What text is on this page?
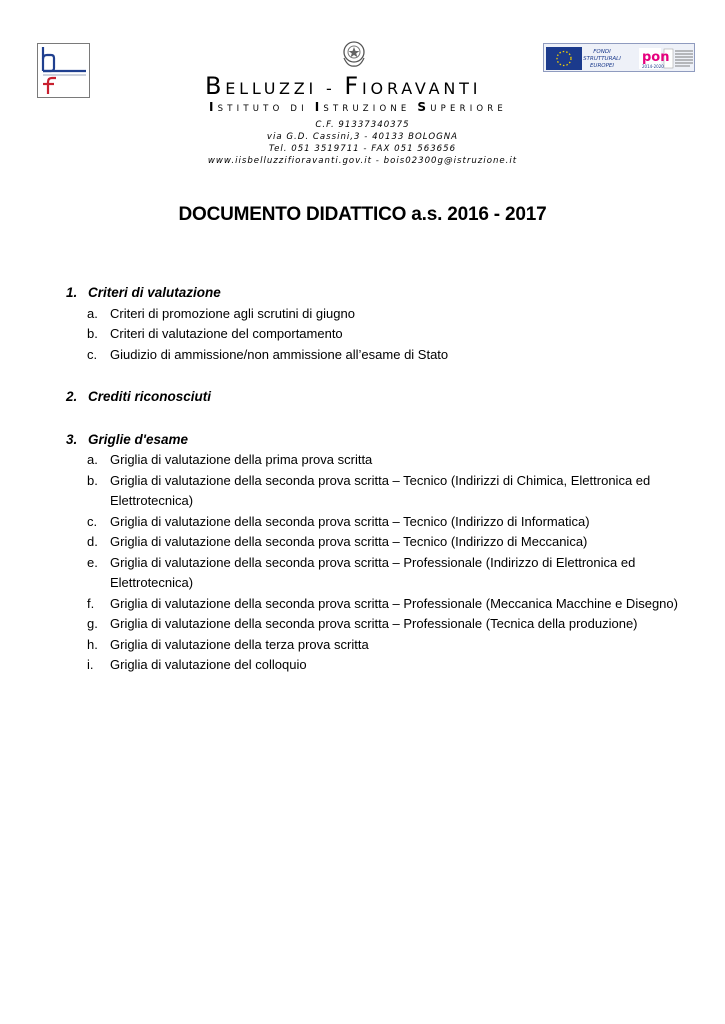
FONDI
STRUTTURALI
EUROPEI
pon
2014-2020
BELLUZZI - FIORAVANTI
ISTITUTO DI ISTRUZIONE SUPERIORE
C.F. 91337340375
via G.D. Cassini,3 - 40133 BOLOGNA
Tel. 051 3519711 - FAX 051 563656
www.iisbelluzzifioravanti.gov.it - bois02300g@istruzione.it
DOCUMENTO DIDATTICO a.s. 2016 - 2017
1. Criteri di valutazione
a. Criteri di promozione agli scrutini di giugno
b. Criteri di valutazione del comportamento
c. Giudizio di ammissione/non ammissione all’esame di Stato
2. Crediti riconosciuti
3. Griglie d'esame
a. Griglia di valutazione della prima prova scritta
b. Griglia di valutazione della seconda prova scritta – Tecnico (Indirizzi di Chimica, Elettronica ed Elettrotecnica)
c. Griglia di valutazione della seconda prova scritta – Tecnico (Indirizzo di Informatica)
d. Griglia di valutazione della seconda prova scritta – Tecnico (Indirizzo di Meccanica)
e. Griglia di valutazione della seconda prova scritta – Professionale (Indirizzo di Elettronica ed Elettrotecnica)
f. Griglia di valutazione della seconda prova scritta – Professionale (Meccanica Macchine e Disegno)
g. Griglia di valutazione della seconda prova scritta – Professionale (Tecnica della produzione)
h. Griglia di valutazione della terza prova scritta
i. Griglia di valutazione del colloquio
